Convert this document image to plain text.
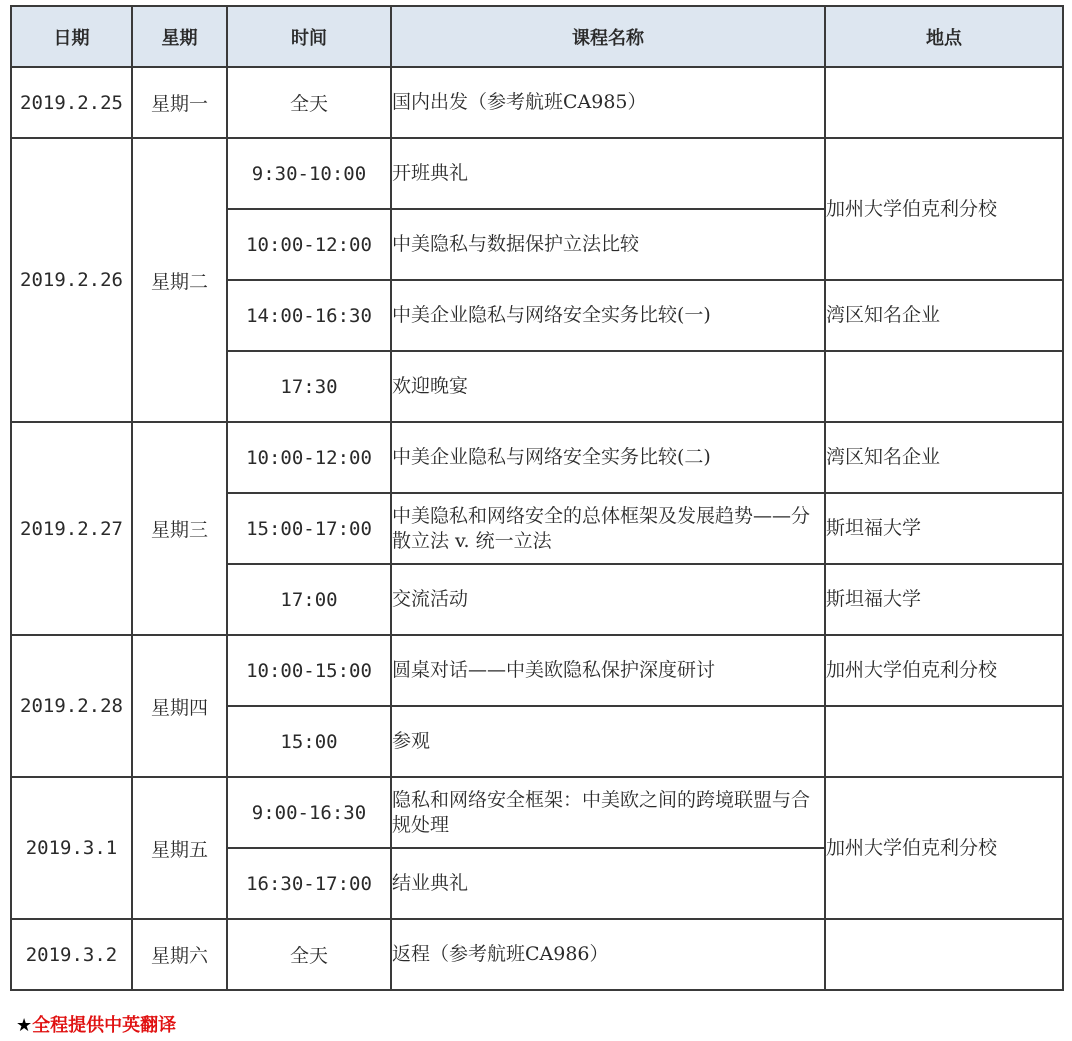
日期	星期	时间	课程名称	地点
2019.2.25	星期一	全天	国内出发（参考航班CA985）	
2019.2.26	星期二	9:30-10:00	开班典礼	加州大学伯克利分校
		10:00-12:00	中美隐私与数据保护立法比较	
		14:00-16:30	中美企业隐私与网络安全实务比较(一)	湾区知名企业
		17:30	欢迎晚宴	
2019.2.27	星期三	10:00-12:00	中美企业隐私与网络安全实务比较(二)	湾区知名企业
		15:00-17:00	中美隐私和网络安全的总体框架及发展趋势——分散立法 v. 统一立法	斯坦福大学
		17:00	交流活动	斯坦福大学
2019.2.28	星期四	10:00-15:00	圆桌对话——中美欧隐私保护深度研讨	加州大学伯克利分校
		15:00	参观	
2019.3.1	星期五	9:00-16:30	隐私和网络安全框架：中美欧之间的跨境联盟与合规处理	加州大学伯克利分校
		16:30-17:00	结业典礼	
2019.3.2	星期六	全天	返程（参考航班CA986）	
★全程提供中英翻译
